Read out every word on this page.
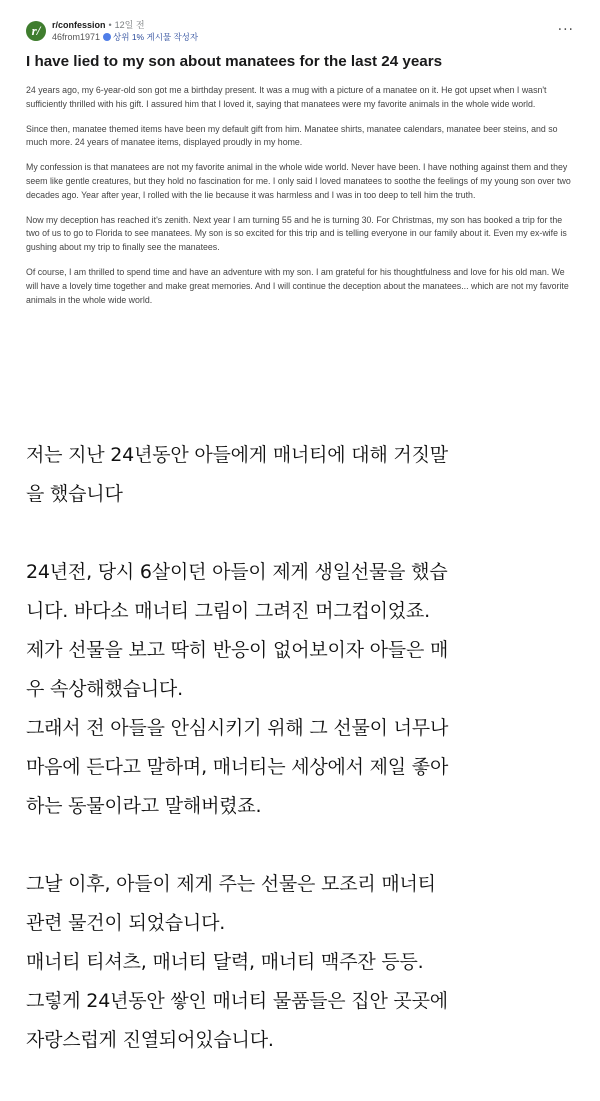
r/	r/confession • 12일 전
46from1971 상위 1% 게시물 작성자	···
I have lied to my son about manatees for the last 24 years

24 years ago, my 6-year-old son got me a birthday present. It was a mug with a picture of a manatee on it. He got upset when I wasn't sufficiently thrilled with his gift. I assured him that I loved it, saying that manatees were my favorite animals in the whole wide world.

Since then, manatee themed items have been my default gift from him. Manatee shirts, manatee calendars, manatee beer steins, and so much more. 24 years of manatee items, displayed proudly in my home.

My confession is that manatees are not my favorite animal in the whole wide world. Never have been. I have nothing against them and they seem like gentle creatures, but they hold no fascination for me. I only said I loved manatees to soothe the feelings of my young son over two decades ago. Year after year, I rolled with the lie because it was harmless and I was in too deep to tell him the truth.

Now my deception has reached it's zenith. Next year I am turning 55 and he is turning 30. For Christmas, my son has booked a trip for the two of us to go to Florida to see manatees. My son is so excited for this trip and is telling everyone in our family about it. Even my ex-wife is gushing about my trip to finally see the manatees.

Of course, I am thrilled to spend time and have an adventure with my son. I am grateful for his thoughtfulness and love for his old man. We will have a lovely time together and make great memories. And I will continue the deception about the manatees... which are not my favorite animals in the whole wide world.

저는 지난 24년동안 아들에게 매너티에 대해 거짓말

을 했습니다

24년전, 당시 6살이던 아들이 제게 생일선물을 했습

니다. 바다소 매너티 그림이 그려진 머그컵이었죠.

제가 선물을 보고 딱히 반응이 없어보이자 아들은 매

우 속상해했습니다.

그래서 전 아들을 안심시키기 위해 그 선물이 너무나

마음에 든다고 말하며, 매너티는 세상에서 제일 좋아

하는 동물이라고 말해버렸죠.

그날 이후, 아들이 제게 주는 선물은 모조리 매너티

관련 물건이 되었습니다.

매너티 티셔츠, 매너티 달력, 매너티 맥주잔 등등.

그렇게 24년동안 쌓인 매너티 물품들은 집안 곳곳에

자랑스럽게 진열되어있습니다.
